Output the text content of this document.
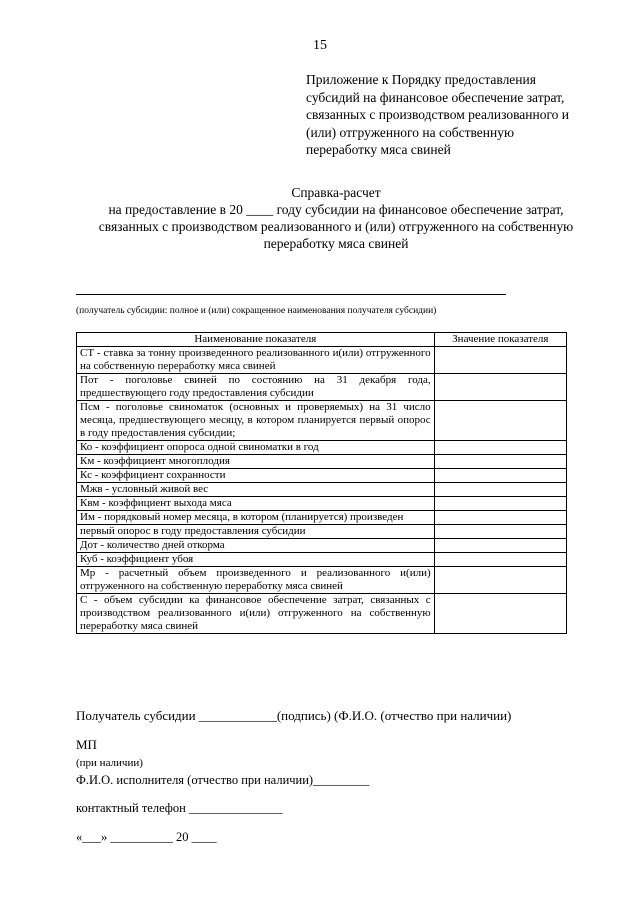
15
Приложение к Порядку предоставления
субсидий на финансовое обеспечение затрат,
связанных с производством реализованного и
(или) отгруженного на собственную
переработку мяса свиней
Справка-расчет
на предоставление в 20 ____ году субсидии на финансовое обеспечение затрат,
связанных с производством реализованного и (или) отгруженного на собственную
переработку мяса свиней
(получатель субсидии: полное и (или) сокращенное наименования получателя субсидии)
Наименование показателя	Значение показателя
СТ - ставка за тонну произведенного реализованного и(или) отгруженного на собственную переработку мяса свиней	
Пот - поголовье свиней по состоянию на 31 декабря года, предшествующего году предоставления субсидии	
Псм - поголовье свиноматок (основных и проверяемых) на 31 число месяца, предшествующего месяцу, в котором планируется первый опорос в году предоставления субсидии;	
Ко - коэффициент опороса одной свиноматки в год	
Км - коэффициент многоплодия	
Кс - коэффициент сохранности	
Мжв - условный живой вес	
Квм - коэффициент выхода мяса	
Им - порядковый номер месяца, в котором (планируется) произведен	
первый опорос в году предоставления субсидии	
Дот - количество дней откорма	
Куб - коэффициент убоя	
Мр - расчетный объем произведенного и реализованного и(или) отгруженного на собственную переработку мяса свиней	
С - объем субсидии ка финансовое обеспечение затрат, связанных с производством реализованного и(или) отгруженного на собственную переработку мяса свиней	
Получатель субсидии ____________(подпись) (Ф.И.О. (отчество при наличии)
МП
(при наличии)
Ф.И.О. исполнителя (отчество при наличии)_________
контактный телефон _______________
«___» __________ 20 ____
